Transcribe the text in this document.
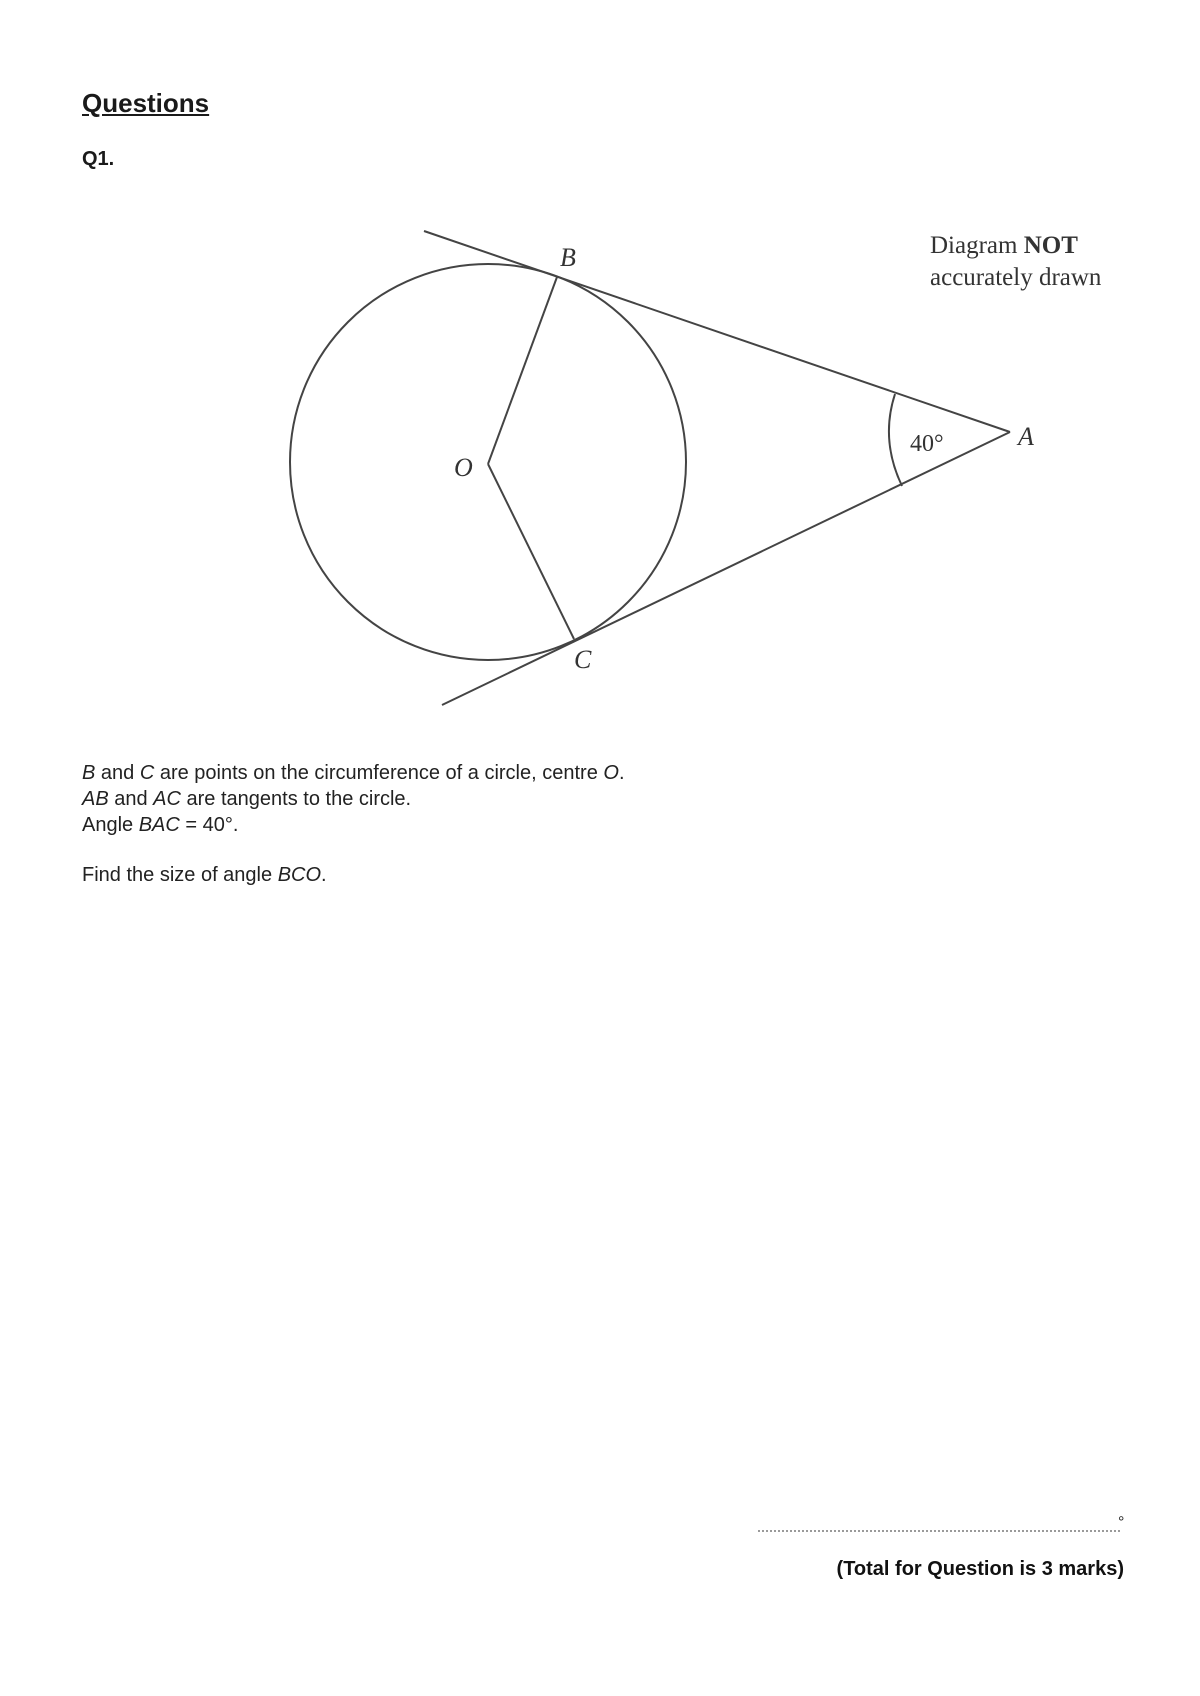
Questions
Q1.
B
C
O
A
40°
Diagram NOT
accurately drawn

B and C are points on the circumference of a circle, centre O.

AB and AC are tangents to the circle.

Angle BAC = 40°.

Find the size of angle BCO.

°
(Total for Question is 3 marks)
